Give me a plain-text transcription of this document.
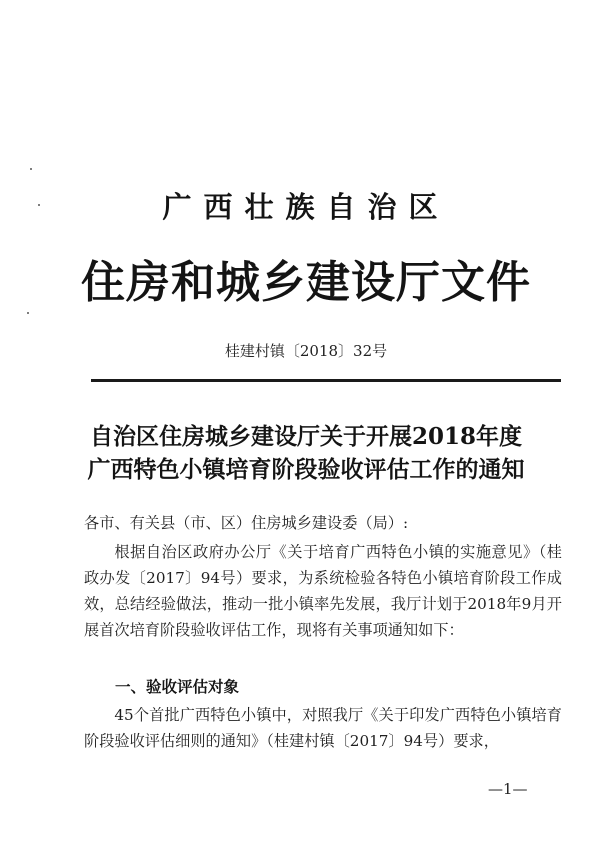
广西壮族自治区
住房和城乡建设厅文件
桂建村镇〔2018〕32号
自治区住房城乡建设厅关于开展2018年度
广西特色小镇培育阶段验收评估工作的通知
各市、有关县（市、区）住房城乡建设委（局）:
根据自治区政府办公厅《关于培育广西特色小镇的实施意见》（桂政办发〔2017〕94号）要求，为系统检验各特色小镇培育阶段工作成效，总结经验做法，推动一批小镇率先发展，我厅计划于2018年9月开展首次培育阶段验收评估工作，现将有关事项通知如下：
一、验收评估对象
45个首批广西特色小镇中，对照我厅《关于印发广西特色小镇培育阶段验收评估细则的通知》（桂建村镇〔2017〕94号）要求，
—1—
